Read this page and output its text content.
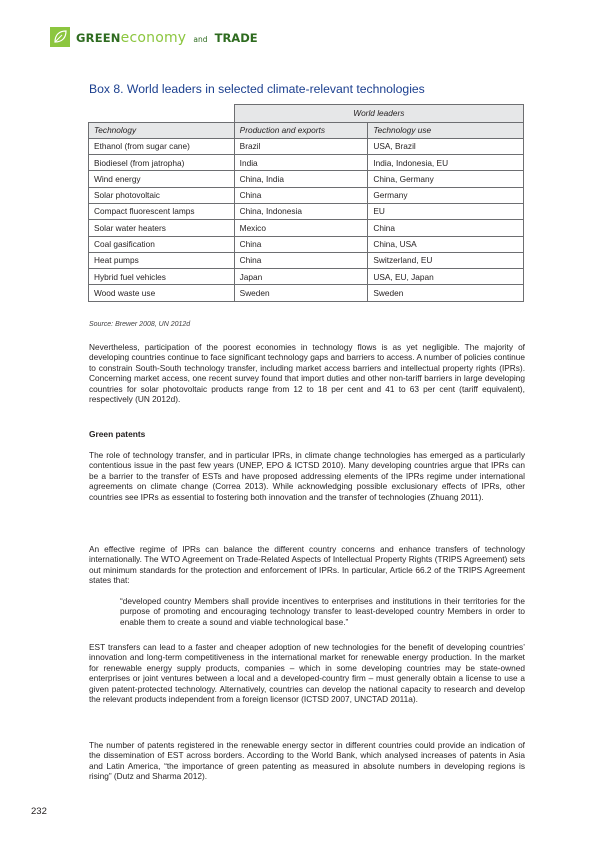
GREENeconomy and TRADE
Box 8. World leaders in selected climate-relevant technologies
	World leaders	
Technology	Production and exports	Technology use
Ethanol (from sugar cane)	Brazil	USA, Brazil
Biodiesel (from jatropha)	India	India, Indonesia, EU
Wind energy	China, India	China, Germany
Solar photovoltaic	China	Germany
Compact fluorescent lamps	China, Indonesia	EU
Solar water heaters	Mexico	China
Coal gasification	China	China, USA
Heat pumps	China	Switzerland, EU
Hybrid fuel vehicles	Japan	USA, EU, Japan
Wood waste use	Sweden	Sweden
Source: Brewer 2008, UN 2012d

Nevertheless, participation of the poorest economies in technology flows is as yet negligible. The majority of developing countries continue to face significant technology gaps and barriers to access. A number of policies continue to constrain South-South technology transfer, including market access barriers and intellectual property rights (IPRs). Concerning market access, one recent survey found that import duties and other non-tariff barriers in large developing countries for solar photovoltaic products range from 12 to 18 per cent and 41 to 63 per cent (tariff equivalent), respectively (UN 2012d).

Green patents

The role of technology transfer, and in particular IPRs, in climate change technologies has emerged as a particularly contentious issue in the past few years (UNEP, EPO & ICTSD 2010). Many developing countries argue that IPRs can be a barrier to the transfer of ESTs and have proposed addressing elements of the IPRs regime under international agreements on climate change (Correa 2013). While acknowledging possible exclusionary effects of IPRs, other countries see IPRs as essential to fostering both innovation and the transfer of technologies (Zhuang 2011).

An effective regime of IPRs can balance the different country concerns and enhance transfers of technology internationally. The WTO Agreement on Trade-Related Aspects of Intellectual Property Rights (TRIPS Agreement) sets out minimum standards for the protection and enforcement of IPRs. In particular, Article 66.2 of the TRIPS Agreement states that:

“developed country Members shall provide incentives to enterprises and institutions in their territories for the purpose of promoting and encouraging technology transfer to least-developed country Members in order to enable them to create a sound and viable technological base.”

EST transfers can lead to a faster and cheaper adoption of new technologies for the benefit of developing countries’ innovation and long-term competitiveness in the international market for renewable energy production. In the market for renewable energy supply products, companies – which in some developing countries may be state-owned enterprises or joint ventures between a local and a developed-country firm – must generally obtain a license to use a given patent-protected technology. Alternatively, countries can develop the national capacity to research and develop the relevant products independent from a foreign licensor (ICTSD 2007, UNCTAD 2011a).

The number of patents registered in the renewable energy sector in different countries could provide an indication of the dissemination of EST across borders. According to the World Bank, which analysed increases of patents in Asia and Latin America, “the importance of green patenting as measured in absolute numbers in developing regions is rising” (Dutz and Sharma 2012).

232
